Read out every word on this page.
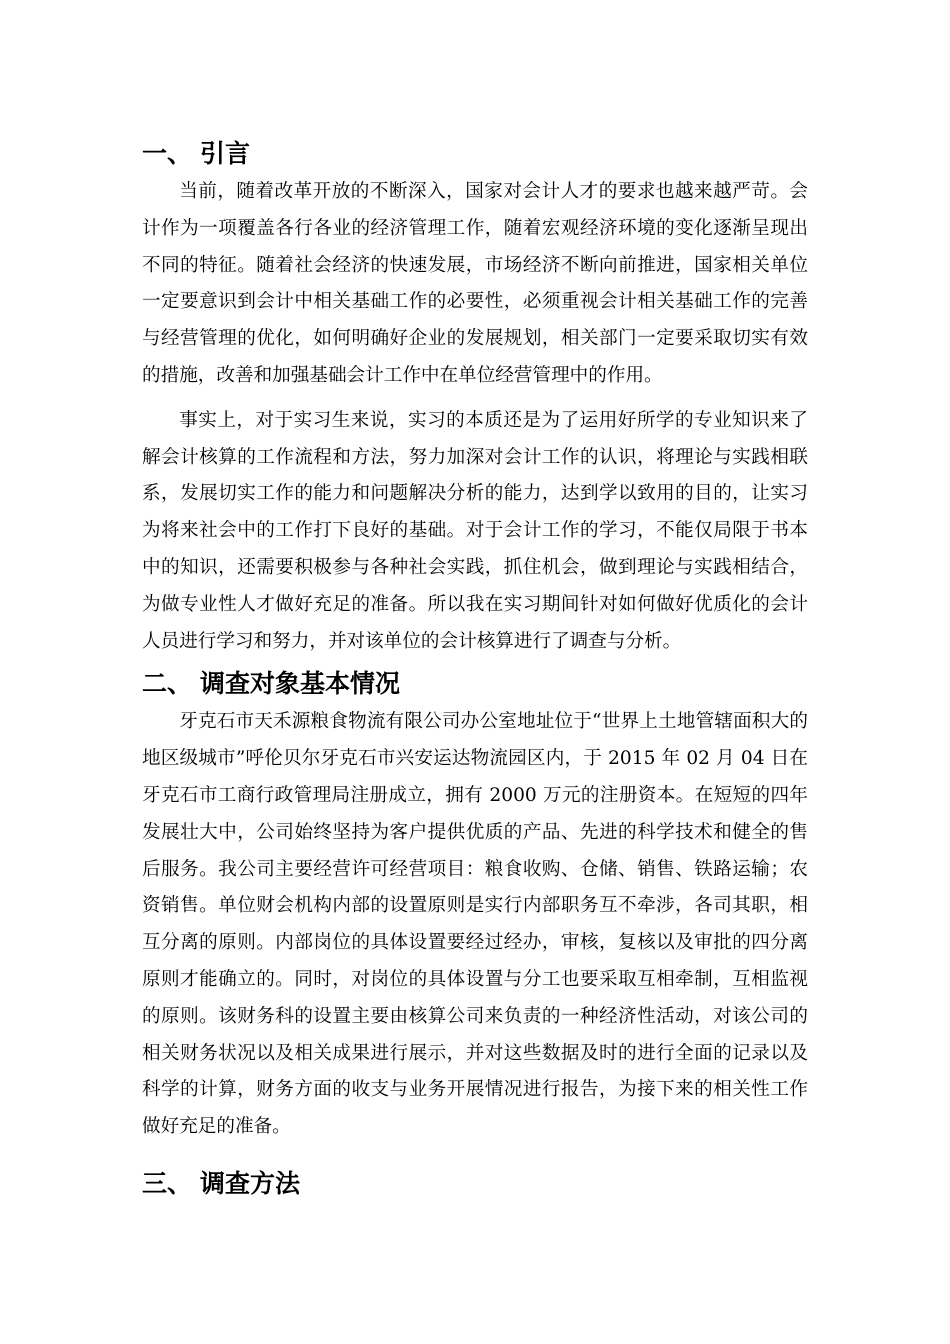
一、 引言

当前，随着改革开放的不断深入，国家对会计人才的要求也越来越严苛。会计作为一项覆盖各行各业的经济管理工作，随着宏观经济环境的变化逐渐呈现出不同的特征。随着社会经济的快速发展，市场经济不断向前推进，国家相关单位一定要意识到会计中相关基础工作的必要性，必须重视会计相关基础工作的完善与经营管理的优化，如何明确好企业的发展规划，相关部门一定要采取切实有效的措施，改善和加强基础会计工作中在单位经营管理中的作用。

事实上，对于实习生来说，实习的本质还是为了运用好所学的专业知识来了解会计核算的工作流程和方法，努力加深对会计工作的认识，将理论与实践相联系，发展切实工作的能力和问题解决分析的能力，达到学以致用的目的，让实习为将来社会中的工作打下良好的基础。对于会计工作的学习，不能仅局限于书本中的知识，还需要积极参与各种社会实践，抓住机会，做到理论与实践相结合，为做专业性人才做好充足的准备。所以我在实习期间针对如何做好优质化的会计人员进行学习和努力，并对该单位的会计核算进行了调查与分析。

二、 调查对象基本情况

牙克石市天禾源粮食物流有限公司办公室地址位于“世界上土地管辖面积大的地区级城市”呼伦贝尔牙克石市兴安运达物流园区内，于 2015 年 02 月 04 日在牙克石市工商行政管理局注册成立，拥有 2000 万元的注册资本。在短短的四年发展壮大中，公司始终坚持为客户提供优质的产品、先进的科学技术和健全的售后服务。我公司主要经营许可经营项目：粮食收购、仓储、销售、铁路运输；农资销售。单位财会机构内部的设置原则是实行内部职务互不牵涉，各司其职，相互分离的原则。内部岗位的具体设置要经过经办，审核，复核以及审批的四分离原则才能确立的。同时，对岗位的具体设置与分工也要采取互相牵制，互相监视的原则。该财务科的设置主要由核算公司来负责的一种经济性活动，对该公司的相关财务状况以及相关成果进行展示，并对这些数据及时的进行全面的记录以及科学的计算，财务方面的收支与业务开展情况进行报告，为接下来的相关性工作做好充足的准备。

三、 调查方法
